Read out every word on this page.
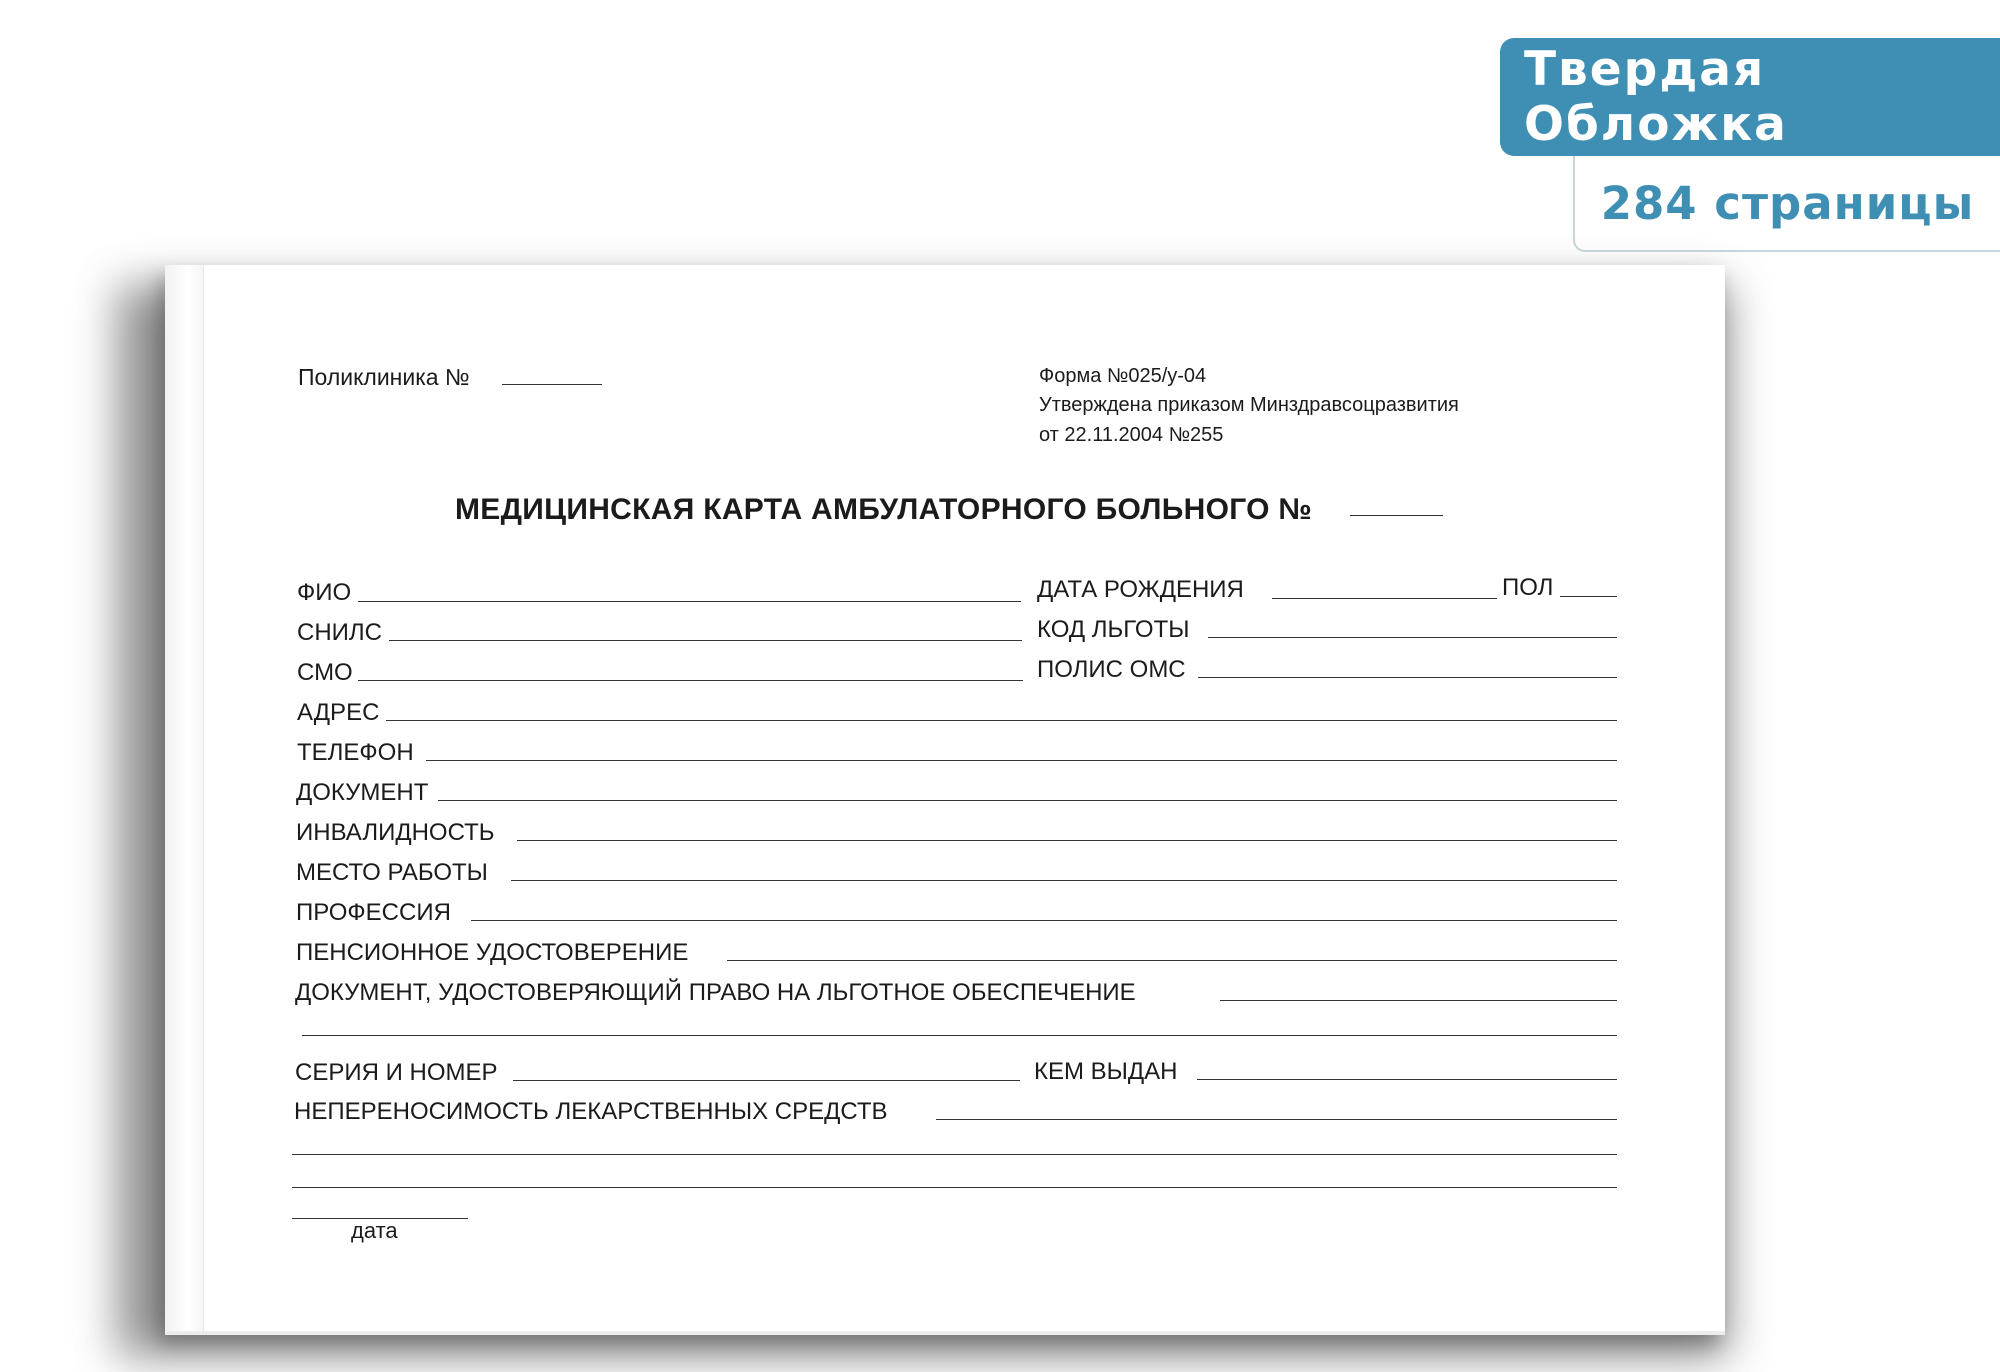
Твердая Обложка
284 страницы
Поликлиника №	Форма №025/у-04
Утверждена приказом Минздравсоцразвития
от 22.11.2004 №255
МЕДИЦИНСКАЯ КАРТА АМБУЛАТОРНОГО БОЛЬНОГО №
ФИО	ДАТА РОЖДЕНИЯ	ПОЛ
СНИЛС	КОД ЛЬГОТЫ
СМО	ПОЛИС ОМС
АДРЕС
ТЕЛЕФОН
ДОКУМЕНТ
ИНВАЛИДНОСТЬ
МЕСТО РАБОТЫ
ПРОФЕССИЯ
ПЕНСИОННОЕ УДОСТОВЕРЕНИЕ
ДОКУМЕНТ, УДОСТОВЕРЯЮЩИЙ ПРАВО НА ЛЬГОТНОЕ ОБЕСПЕЧЕНИЕ
СЕРИЯ И НОМЕР	КЕМ ВЫДАН
НЕПЕРЕНОСИМОСТЬ ЛЕКАРСТВЕННЫХ СРЕДСТВ
дата
